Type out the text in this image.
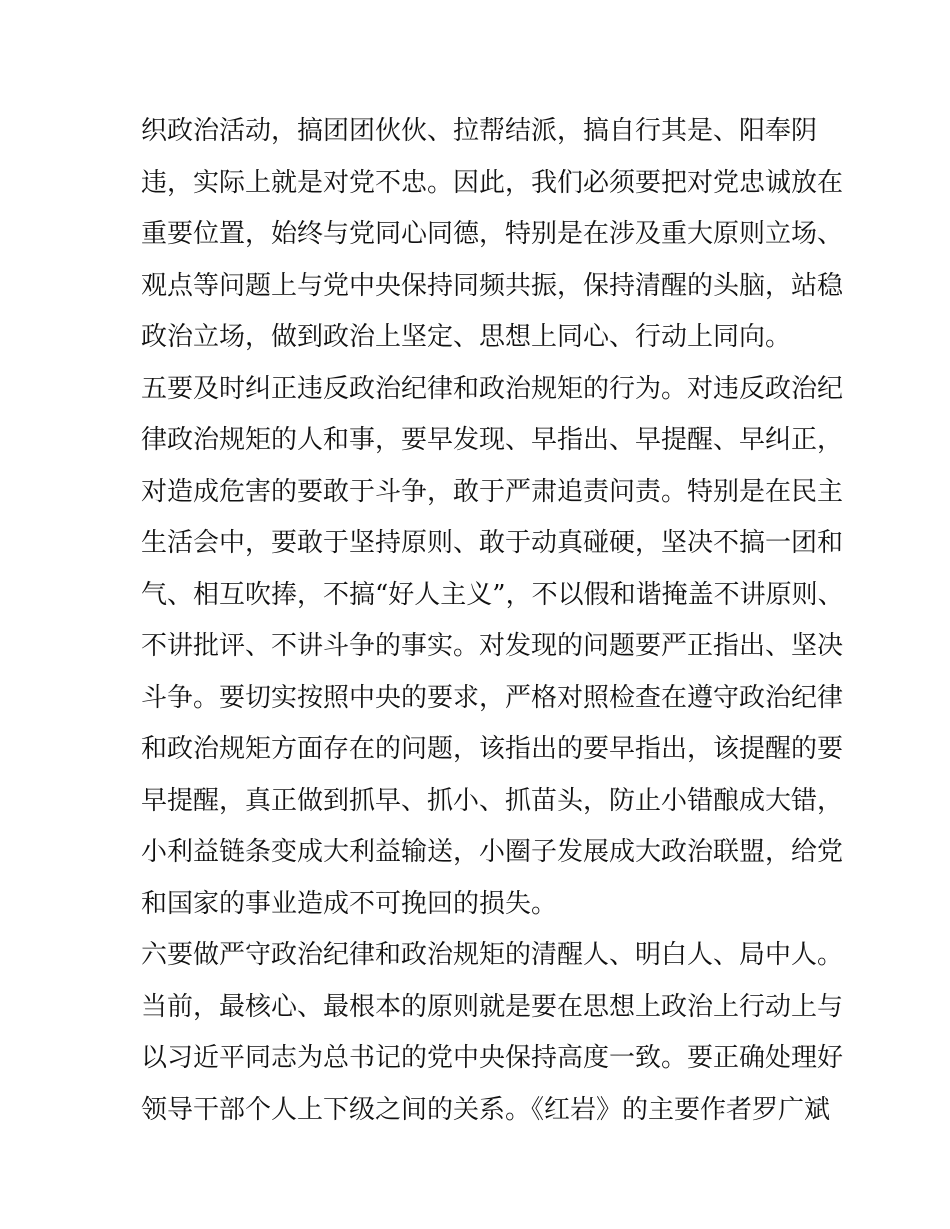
织政治活动，搞团团伙伙、拉帮结派，搞自行其是、阳奉阴
违，实际上就是对党不忠。因此，我们必须要把对党忠诚放在
重要位置，始终与党同心同德，特别是在涉及重大原则立场、
观点等问题上与党中央保持同频共振，保持清醒的头脑，站稳
政治立场，做到政治上坚定、思想上同心、行动上同向。
五要及时纠正违反政治纪律和政治规矩的行为。对违反政治纪
律政治规矩的人和事，要早发现、早指出、早提醒、早纠正，
对造成危害的要敢于斗争，敢于严肃追责问责。特别是在民主
生活会中，要敢于坚持原则、敢于动真碰硬，坚决不搞一团和
气、相互吹捧，不搞“好人主义”，不以假和谐掩盖不讲原则、
不讲批评、不讲斗争的事实。对发现的问题要严正指出、坚决
斗争。要切实按照中央的要求，严格对照检查在遵守政治纪律
和政治规矩方面存在的问题，该指出的要早指出，该提醒的要
早提醒，真正做到抓早、抓小、抓苗头，防止小错酿成大错，
小利益链条变成大利益输送，小圈子发展成大政治联盟，给党
和国家的事业造成不可挽回的损失。
六要做严守政治纪律和政治规矩的清醒人、明白人、局中人。
当前，最核心、最根本的原则就是要在思想上政治上行动上与
以习近平同志为总书记的党中央保持高度一致。要正确处理好
领导干部个人上下级之间的关系。《红岩》的主要作者罗广斌
